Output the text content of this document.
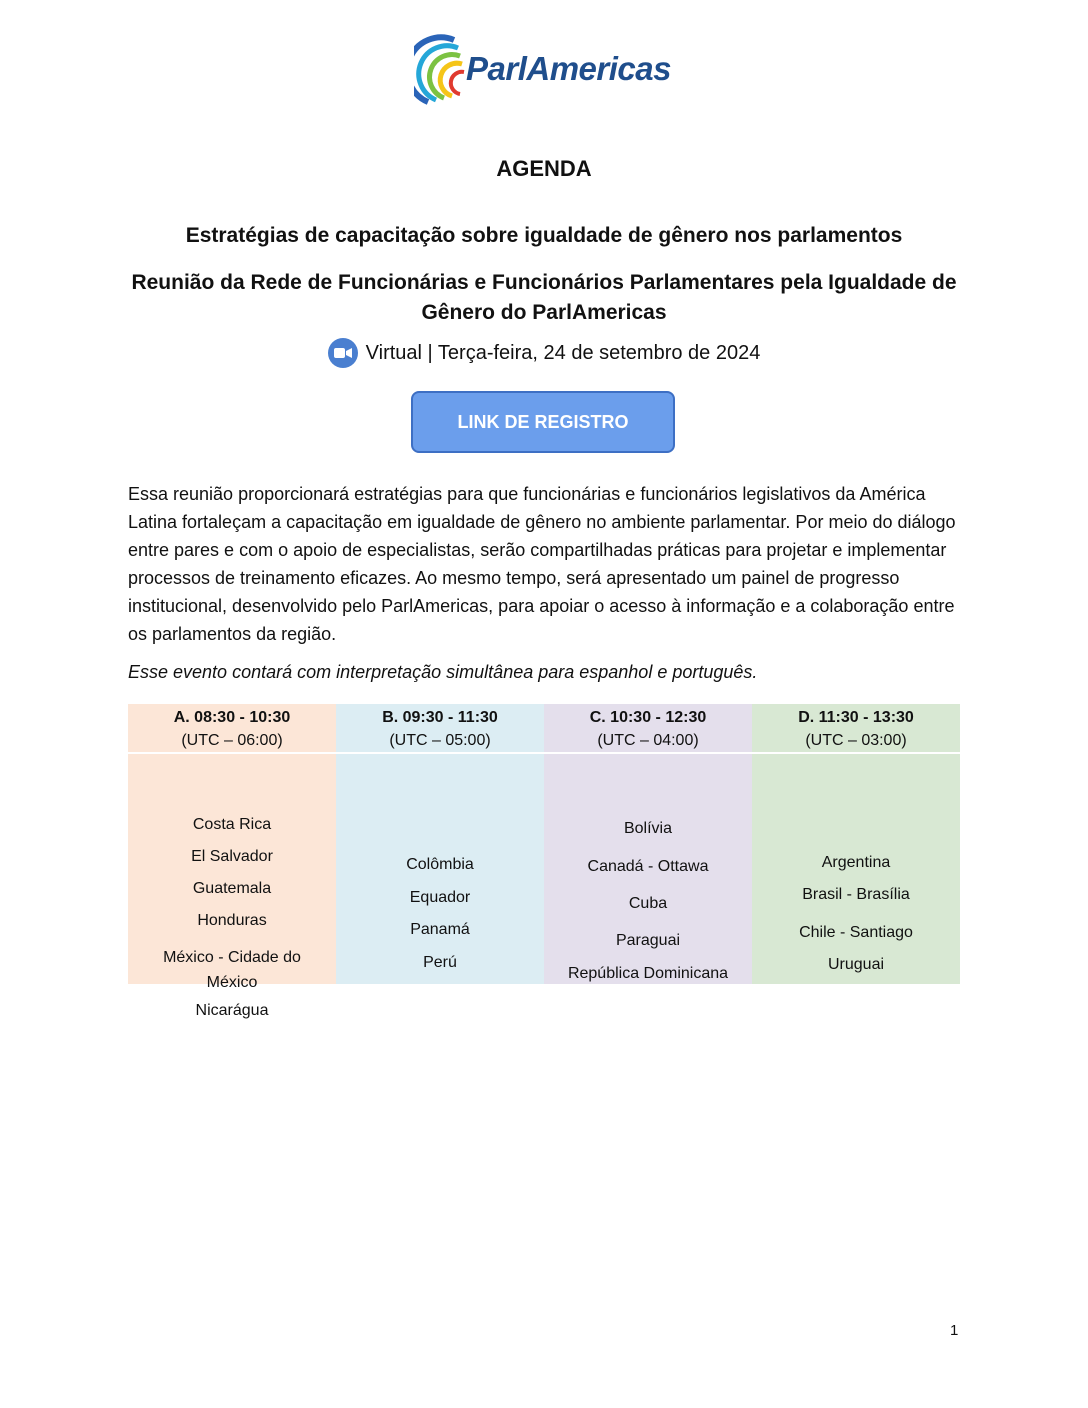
ParlAmericas
AGENDA
Estratégias de capacitação sobre igualdade de gênero nos parlamentos
Reunião da Rede de Funcionárias e Funcionários Parlamentares pela Igualdade de Gênero do ParlAmericas
Virtual | Terça-feira, 24 de setembro de 2024
LINK DE REGISTRO
Essa reunião proporcionará estratégias para que funcionárias e funcionários legislativos da América Latina fortaleçam a capacitação em igualdade de gênero no ambiente parlamentar. Por meio do diálogo entre pares e com o apoio de especialistas, serão compartilhadas práticas para projetar e implementar processos de treinamento eficazes. Ao mesmo tempo, será apresentado um painel de progresso institucional, desenvolvido pelo ParlAmericas, para apoiar o acesso à informação e a colaboração entre os parlamentos da região.
Esse evento contará com interpretação simultânea para espanhol e português.
A. 08:30 - 10:30
(UTC – 06:00)
Costa Rica
El Salvador
Guatemala
Honduras
México - Cidade do México
Nicarágua
B. 09:30 - 11:30
(UTC – 05:00)
Colômbia
Equador
Panamá
Perú
C. 10:30 - 12:30
(UTC – 04:00)
Bolívia
Canadá - Ottawa
Cuba
Paraguai
República Dominicana
D. 11:30 - 13:30
(UTC – 03:00)
Argentina
Brasil - Brasília
Chile - Santiago
Uruguai
1
